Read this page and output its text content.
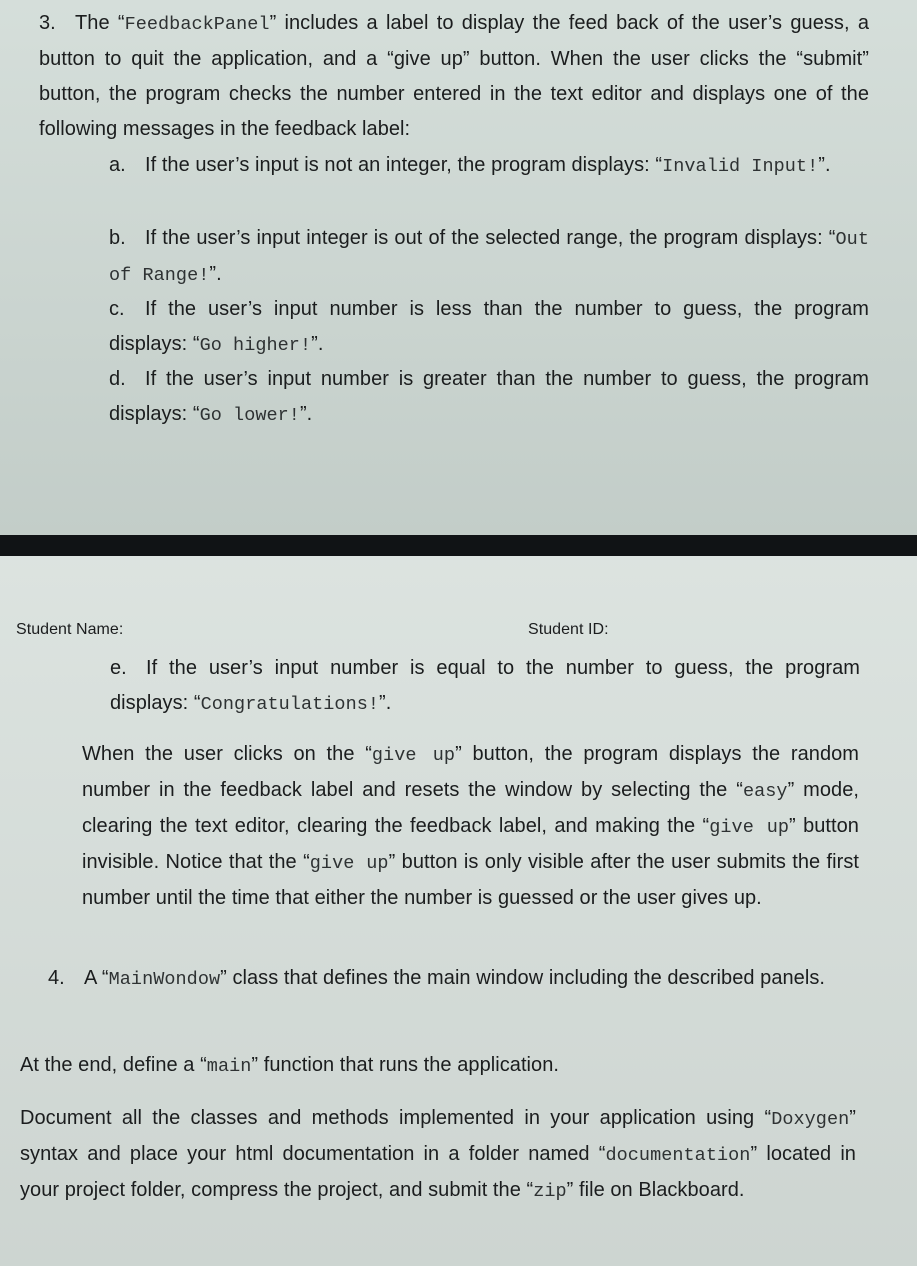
3. The “FeedbackPanel” includes a label to display the feed back of the user’s guess, a button to quit the application, and a “give up” button. When the user clicks the “submit” button, the program checks the number entered in the text editor and displays one of the following messages in the feedback label:
a. If the user’s input is not an integer, the program displays: “Invalid Input!”.
b. If the user’s input integer is out of the selected range, the program displays: “Out of Range!”.
c. If the user’s input number is less than the number to guess, the program displays: “Go higher!”.
d. If the user’s input number is greater than the number to guess, the program displays: “Go lower!”.
Student Name:	Student ID:
e. If the user’s input number is equal to the number to guess, the program displays: “Congratulations!”.
When the user clicks on the “give up” button, the program displays the random number in the feedback label and resets the window by selecting the “easy” mode, clearing the text editor, clearing the feedback label, and making the “give up” button invisible. Notice that the “give up” button is only visible after the user submits the first number until the time that either the number is guessed or the user gives up.
4. A “MainWondow” class that defines the main window including the described panels.
At the end, define a “main” function that runs the application.
Document all the classes and methods implemented in your application using “Doxygen” syntax and place your html documentation in a folder named “documentation” located in your project folder, compress the project, and submit the “zip” file on Blackboard.
